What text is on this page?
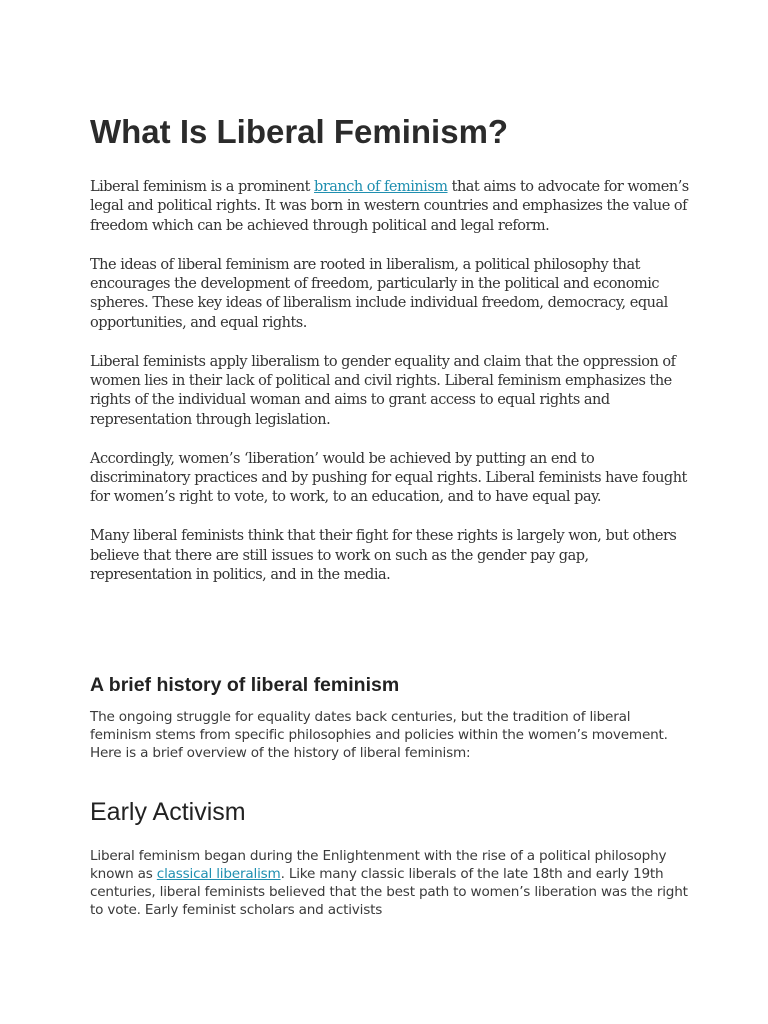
What Is Liberal Feminism?

Liberal feminism is a prominent branch of feminism that aims to advocate for women’s legal and political rights. It was born in western countries and emphasizes the value of freedom which can be achieved through political and legal reform.

The ideas of liberal feminism are rooted in liberalism, a political philosophy that encourages the development of freedom, particularly in the political and economic spheres. These key ideas of liberalism include individual freedom, democracy, equal opportunities, and equal rights.

Liberal feminists apply liberalism to gender equality and claim that the oppression of women lies in their lack of political and civil rights. Liberal feminism emphasizes the rights of the individual woman and aims to grant access to equal rights and representation through legislation.

Accordingly, women’s ‘liberation’ would be achieved by putting an end to discriminatory practices and by pushing for equal rights. Liberal feminists have fought for women’s right to vote, to work, to an education, and to have equal pay.

Many liberal feminists think that their fight for these rights is largely won, but others believe that there are still issues to work on such as the gender pay gap, representation in politics, and in the media.

A brief history of liberal feminism

The ongoing struggle for equality dates back centuries, but the tradition of liberal feminism stems from specific philosophies and policies within the women’s movement. Here is a brief overview of the history of liberal feminism:

Early Activism

Liberal feminism began during the Enlightenment with the rise of a political philosophy known as classical liberalism. Like many classic liberals of the late 18th and early 19th centuries, liberal feminists believed that the best path to women’s liberation was the right to vote. Early feminist scholars and activists
